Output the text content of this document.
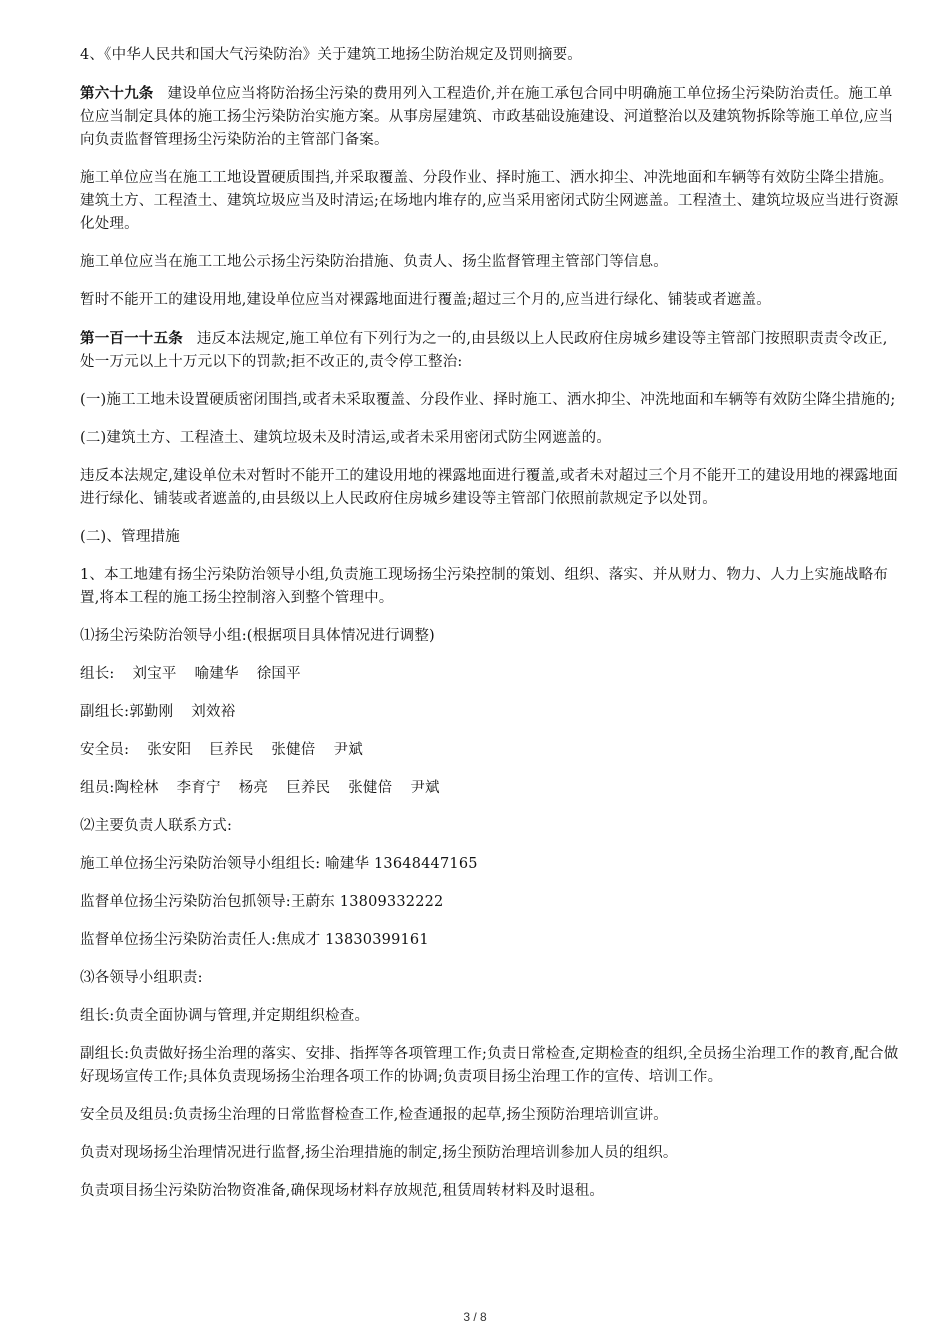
4、《中华人民共和国大气污染防治》关于建筑工地扬尘防治规定及罚则摘要。

第六十九条 建设单位应当将防治扬尘污染的费用列入工程造价,并在施工承包合同中明确施工单位扬尘污染防治责任。施工单位应当制定具体的施工扬尘污染防治实施方案。从事房屋建筑、市政基础设施建设、河道整治以及建筑物拆除等施工单位,应当向负责监督管理扬尘污染防治的主管部门备案。

施工单位应当在施工工地设置硬质围挡,并采取覆盖、分段作业、择时施工、洒水抑尘、冲洗地面和车辆等有效防尘降尘措施。建筑土方、工程渣土、建筑垃圾应当及时清运;在场地内堆存的,应当采用密闭式防尘网遮盖。工程渣土、建筑垃圾应当进行资源化处理。

施工单位应当在施工工地公示扬尘污染防治措施、负责人、扬尘监督管理主管部门等信息。

暂时不能开工的建设用地,建设单位应当对裸露地面进行覆盖;超过三个月的,应当进行绿化、铺装或者遮盖。

第一百一十五条 违反本法规定,施工单位有下列行为之一的,由县级以上人民政府住房城乡建设等主管部门按照职责责令改正,处一万元以上十万元以下的罚款;拒不改正的,责令停工整治:

(一)施工工地未设置硬质密闭围挡,或者未采取覆盖、分段作业、择时施工、洒水抑尘、冲洗地面和车辆等有效防尘降尘措施的;

(二)建筑土方、工程渣土、建筑垃圾未及时清运,或者未采用密闭式防尘网遮盖的。

违反本法规定,建设单位未对暂时不能开工的建设用地的裸露地面进行覆盖,或者未对超过三个月不能开工的建设用地的裸露地面进行绿化、铺装或者遮盖的,由县级以上人民政府住房城乡建设等主管部门依照前款规定予以处罚。

(二)、管理措施

1、本工地建有扬尘污染防治领导小组,负责施工现场扬尘污染控制的策划、组织、落实、并从财力、物力、人力上实施战略布置,将本工程的施工扬尘控制溶入到整个管理中。

⑴扬尘污染防治领导小组:(根据项目具体情况进行调整)

组长: 刘宝平 喻建华 徐国平

副组长:郭勤刚 刘效裕

安全员: 张安阳 巨养民 张健倍 尹斌

组员:陶栓林 李育宁 杨亮 巨养民 张健倍 尹斌

⑵主要负责人联系方式:

施工单位扬尘污染防治领导小组组长: 喻建华 13648447165

监督单位扬尘污染防治包抓领导:王蔚东 13809332222

监督单位扬尘污染防治责任人:焦成才 13830399161

⑶各领导小组职责:

组长:负责全面协调与管理,并定期组织检查。

副组长:负责做好扬尘治理的落实、安排、指挥等各项管理工作;负责日常检查,定期检查的组织,全员扬尘治理工作的教育,配合做好现场宣传工作;具体负责现场扬尘治理各项工作的协调;负责项目扬尘治理工作的宣传、培训工作。

安全员及组员:负责扬尘治理的日常监督检查工作,检查通报的起草,扬尘预防治理培训宣讲。

负责对现场扬尘治理情况进行监督,扬尘治理措施的制定,扬尘预防治理培训参加人员的组织。

负责项目扬尘污染防治物资准备,确保现场材料存放规范,租赁周转材料及时退租。

3 / 8
